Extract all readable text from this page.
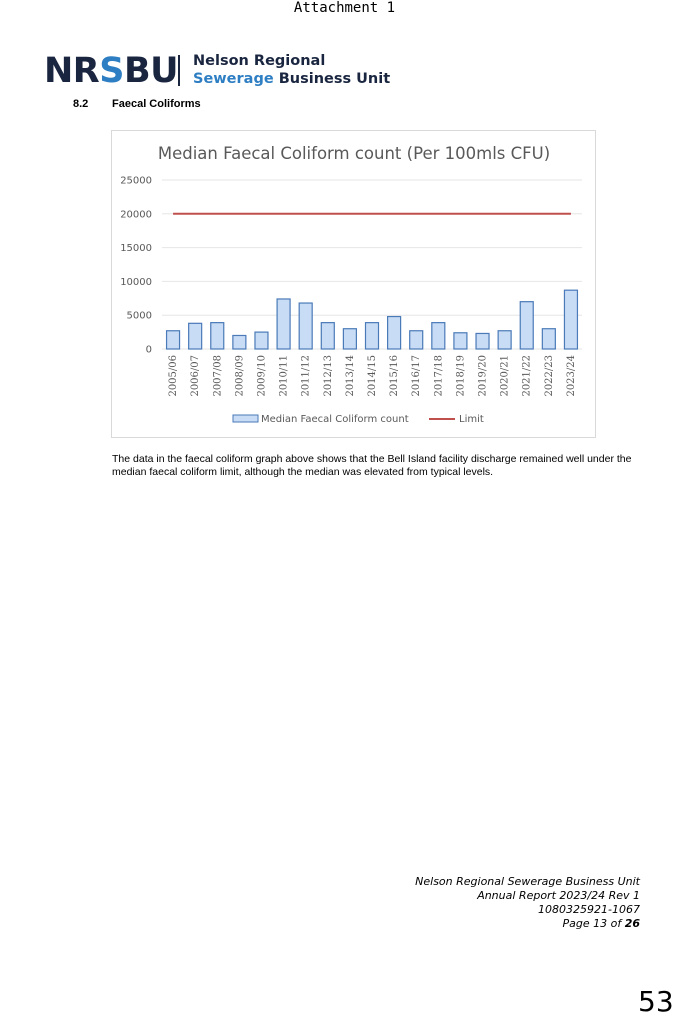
Attachment 1
NRSBU Nelson Regional
Sewerage Business Unit
8.2 Faecal Coliforms
Median Faecal Coliform count (Per 100mls CFU)
0
5000
10000
15000
20000
25000
2005/06 2006/07 2007/08 2008/09 2009/10 2010/11 2011/12 2012/13 2013/14 2014/15 2015/16 2016/17 2017/18 2018/19 2019/20 2020/21 2021/22 2022/23 2023/24
Median Faecal Coliform count	Limit
The data in the faecal coliform graph above shows that the Bell Island facility discharge remained well under the median faecal coliform limit, although the median was elevated from typical levels.
Nelson Regional Sewerage Business Unit
Annual Report 2023/24 Rev 1
1080325921-1067
Page 13 of 26
53
